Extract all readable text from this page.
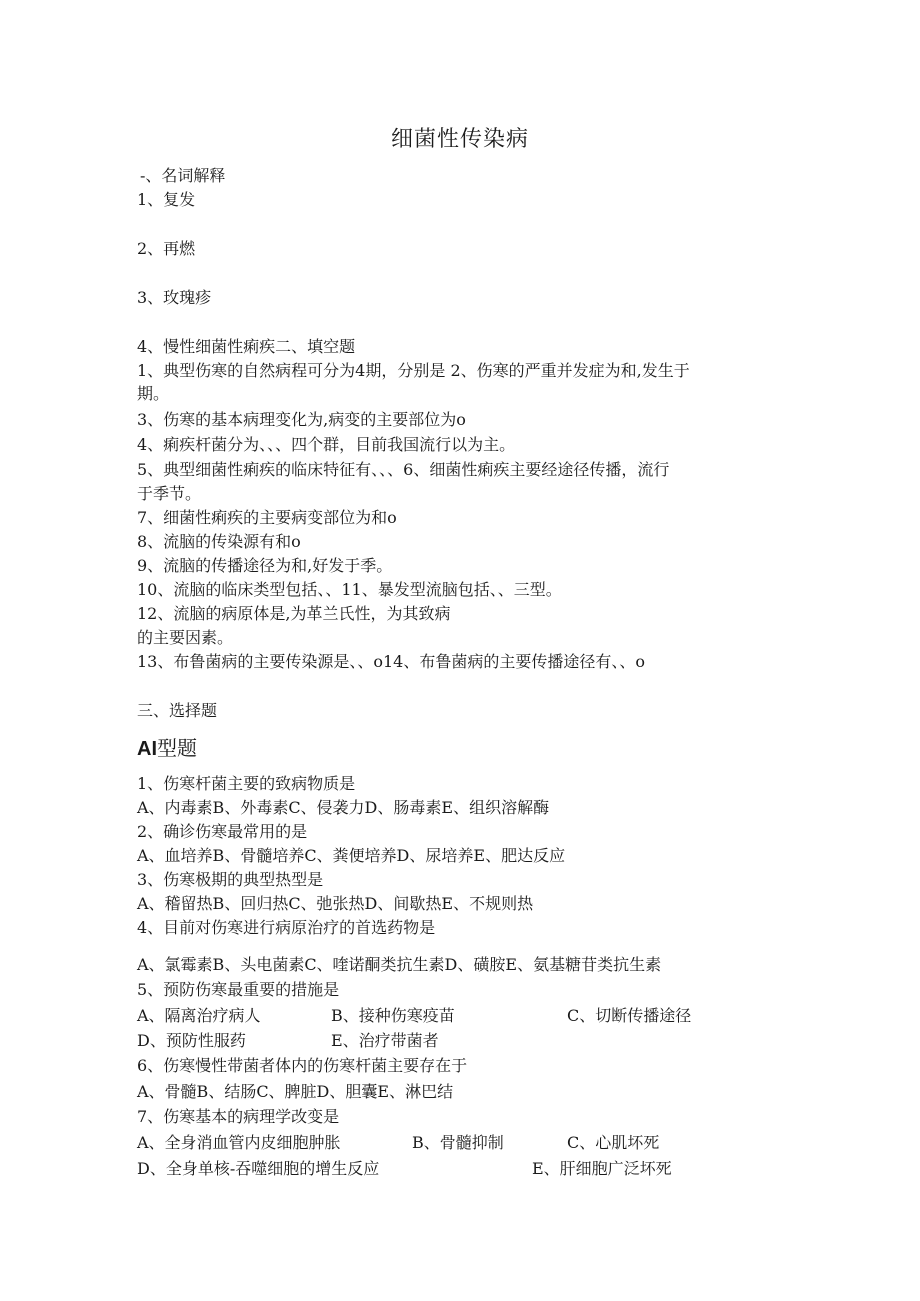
细菌性传染病
-、名词解释
1、复发
2、再燃
3、玫瑰疹
4、慢性细菌性痢疾二、填空题
1、典型伤寒的自然病程可分为4期，分别是 2、伤寒的严重并发症为和,发生于
期。
3、伤寒的基本病理变化为,病变的主要部位为o
4、痢疾杆菌分为、、、四个群，目前我国流行以为主。
5、典型细菌性痢疾的临床特征有、、、6、细菌性痢疾主要经途径传播，流行
于季节。
7、细菌性痢疾的主要病变部位为和o
8、流脑的传染源有和o
9、流脑的传播途径为和,好发于季。
10、流脑的临床类型包括、、11、暴发型流脑包括、、三型。
12、流脑的病原体是,为革兰氏性，为其致病
的主要因素。
13、布鲁菌病的主要传染源是、、o14、布鲁菌病的主要传播途径有、、o
三、选择题
AI型题
1、伤寒杆菌主要的致病物质是
A、内毒素B、外毒素C、侵袭力D、肠毒素E、组织溶解酶
2、确诊伤寒最常用的是
A、血培养B、骨髓培养C、粪便培养D、尿培养E、肥达反应
3、伤寒极期的典型热型是
A、稽留热B、回归热C、弛张热D、间歇热E、不规则热
4、目前对伤寒进行病原治疗的首选药物是
A、氯霉素B、头电菌素C、喹诺酮类抗生素D、磺胺E、氨基糖苷类抗生素
5、预防伤寒最重要的措施是
A、隔离治疗病人	B、接种伤寒疫苗	C、切断传播途径
D、预防性服药	E、治疗带菌者
6、伤寒慢性带菌者体内的伤寒杆菌主要存在于
A、骨髓B、结肠C、脾脏D、胆囊E、淋巴结
7、伤寒基本的病理学改变是
A、全身消血管内皮细胞肿胀	B、骨髓抑制	C、心肌坏死
D、全身单核-吞噬细胞的增生反应	E、肝细胞广泛坏死
